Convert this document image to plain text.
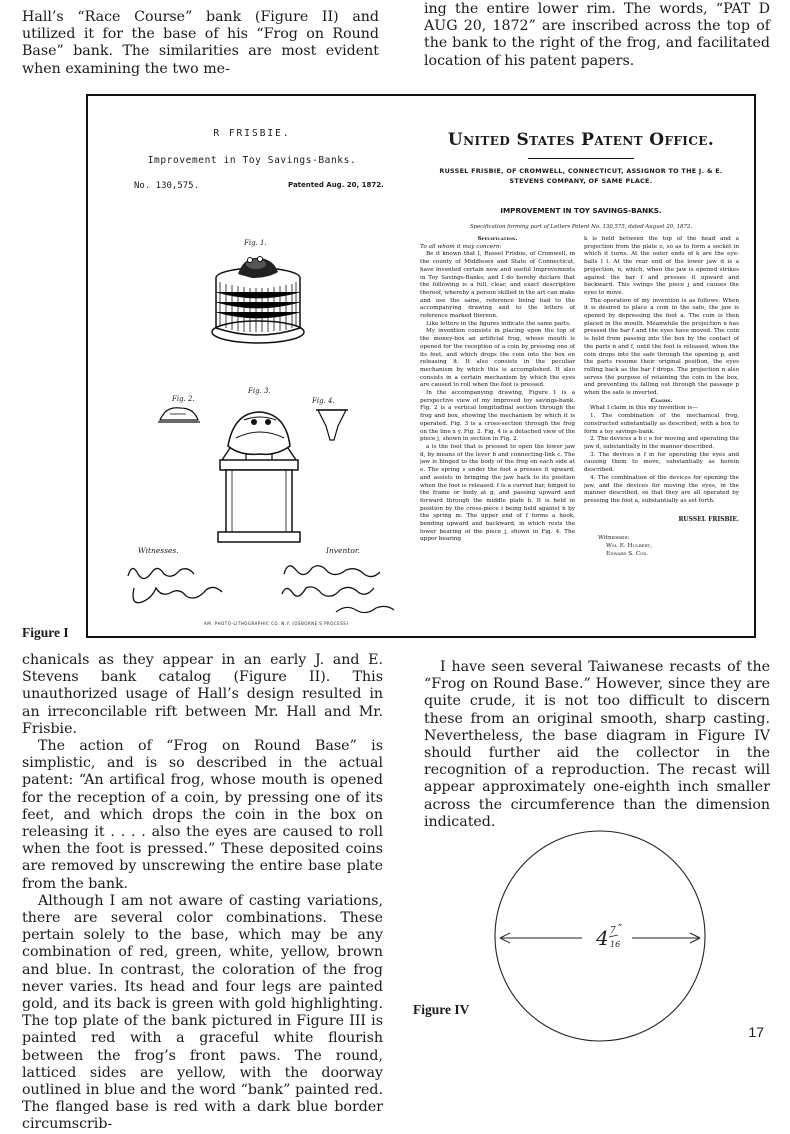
Hall’s “Race Course” bank (Figure II) and utilized it for the base of his “Frog on Round Base” bank. The similarities are most evident when examining the two me-

ing the entire lower rim. The words, “PAT D AUG 20, 1872” are inscribed across the top of the bank to the right of the frog, and facilitated location of his patent papers.

R FRISBIE.
Improvement in Toy Savings-Banks.
No. 130,575.	Patented Aug. 20, 1872.
Fig. 1.
Fig. 2.
Fig. 3.
Fig. 4.
Witnesses.	Inventor.
AM. PHOTO-LITHOGRAPHIC CO. N.Y. (OSBORNE'S PROCESS)
United States Patent Office.
RUSSEL FRISBIE, OF CROMWELL, CONNECTICUT, ASSIGNOR TO THE J. & E. STEVENS COMPANY, OF SAME PLACE.
IMPROVEMENT IN TOY SAVINGS-BANKS.
Specification forming part of Letters Patent No. 130,575, dated August 20, 1872.
Specification.
To all whom it may concern:

Be it known that I, Russel Frisbie, of Cromwell, in the county of Middlesex and State of Connecticut, have invented certain new and useful Improvements in Toy Savings-Banks; and I do hereby declare that the following is a full, clear, and exact description thereof, whereby a person skilled in the art can make and use the same, reference being had to the accompanying drawing and to the letters of reference marked thereon.

Like letters in the figures indicate the same parts.

My invention consists in placing upon the top of the money-box an artificial frog, whose mouth is opened for the reception of a coin by pressing one of its feet, and which drops the coin into the box on releasing it. It also consists in the peculiar mechanism by which this is accomplished. It also consists in a certain mechanism by which the eyes are caused to roll when the foot is pressed.

In the accompanying drawing, Figure 1 is a perspective view of my improved toy savings-bank. Fig. 2 is a vertical longitudinal section through the frog and box, showing the mechanism by which it is operated. Fig. 3 is a cross-section through the frog on the line x y, Fig. 2. Fig. 4 is a detached view of the piece j, shown in section in Fig. 2.

a is the foot that is pressed to open the lower jaw d, by means of the lever b and connecting-link c. The jaw is hinged to the body of the frog on each side at e. The spring s under the foot a presses it upward, and assists in bringing the jaw back to its position when the foot is released. f is a curved bar, hinged to the frame or body at g, and passing upward and forward through the middle plate h. It is held in position by the cross-piece i being held against h by the spring m. The upper end of f forms a hook, bending upward and backward, in which rests the lower bearing of the piece j, shown in Fig. 4. The upper bearing

k is held between the top of the head and a projection from the plate o, so as to form a socket in which it turns. At the outer ends of k are the eye-balls l l. At the rear end of the lower jaw d is a projection, n, which, when the jaw is opened strikes against the bar f and presses it upward and backward. This swings the piece j and causes the eyes to move.

The operation of my invention is as follows: When it is desired to place a coin in the safe, the jaw is opened by depressing the foot a. The coin is then placed in the mouth. Meanwhile the projection n has pressed the bar f and the eyes have moved. The coin is held from passing into the box by the contact of the parts n and f, until the foot is released, when the coin drops into the safe through the opening p, and the parts resume their original position, the eyes rolling back as the bar f drops. The projection n also serves the purpose of retaining the coin in the box, and preventing its falling out through the passage p when the safe is inverted.

Claims.

What I claim in this my invention is—

1. The combination of the mechanical frog, constructed substantially as described, with a box to form a toy savings-bank.

2. The devices a b c e for moving and operating the jaw d, substantially in the manner described.

3. The devices n f m for operating the eyes and causing them to move, substantially as herein described.

4. The combination of the devices for opening the jaw, and the devices for moving the eyes, in the manner described, so that they are all operated by pressing the foot a, substantially as set forth.

RUSSEL FRISBIE.
Witnesses:
Wm. E. Hulbert,
Edward S. Cox.
Figure I

chanicals as they appear in an early J. and E. Stevens bank catalog (Figure II). This unauthorized usage of Hall’s design resulted in an irreconcilable rift between Mr. Hall and Mr. Frisbie.

The action of “Frog on Round Base” is simplistic, and is so described in the actual patent: “An artifical frog, whose mouth is opened for the reception of a coin, by pressing one of its feet, and which drops the coin in the box on releasing it . . . . also the eyes are caused to roll when the foot is pressed.” These deposited coins are removed by unscrewing the entire base plate from the bank.

Although I am not aware of casting variations, there are several color combinations. These pertain solely to the base, which may be any combination of red, green, white, yellow, brown and blue. In contrast, the coloration of the frog never varies. Its head and four legs are painted gold, and its back is green with gold highlighting. The top plate of the bank pictured in Figure III is painted red with a graceful white flourish between the frog’s front paws. The round, latticed sides are yellow, with the doorway outlined in blue and the word “bank” painted red. The flanged base is red with a dark blue border circumscrib-

I have seen several Taiwanese recasts of the “Frog on Round Base.” However, since they are quite crude, it is not too difficult to discern these from an original smooth, sharp casting. Nevertheless, the base diagram in Figure IV should further aid the collector in the recognition of a reproduction. The recast will appear approximately one-eighth inch smaller across the circumference than the dimension indicated.

4 7
16
″
Figure IV
17
